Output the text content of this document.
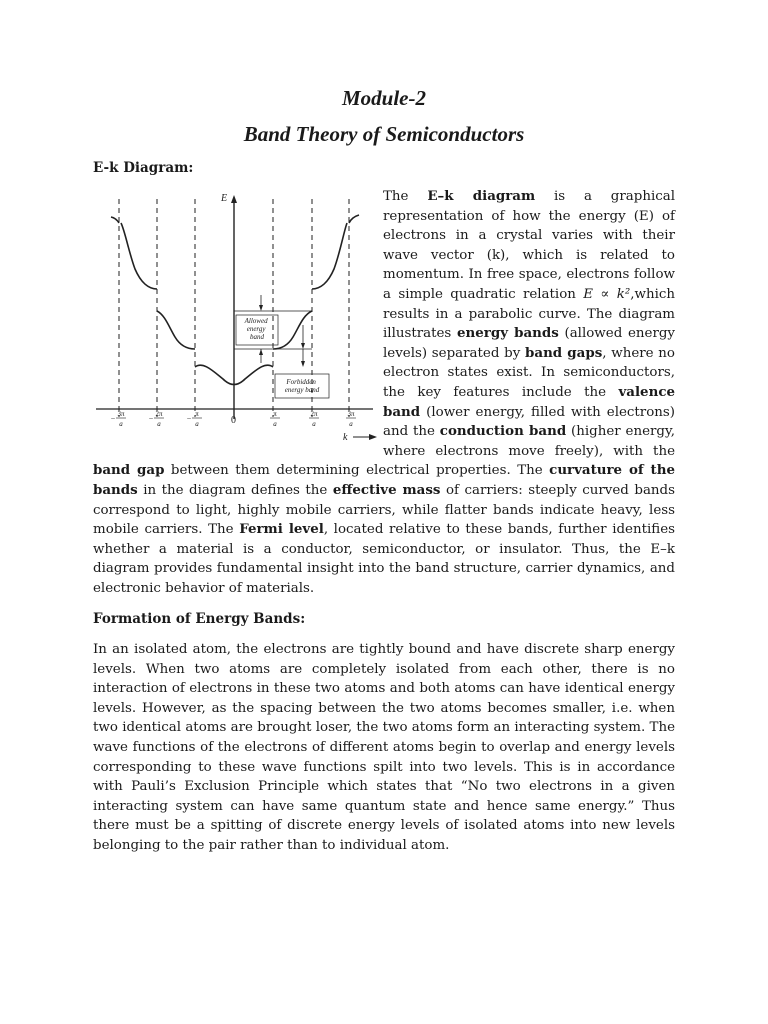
Module-2
Band Theory of Semiconductors
E-k Diagram:
E
k
0
Allowed energy band
Forbidden energy band
3π
a
−	2π
a
−	π
a
−	π
a
2π
a
3π
a

The E–k diagram is a graphical representation of how the energy (E) of electrons in a crystal varies with their wave vector (k), which is related to momentum. In free space, electrons follow a simple quadratic relation E ∝ k²,which results in a parabolic curve. The diagram illustrates energy bands (allowed energy levels) separated by band gaps, where no electron states exist. In semiconductors, the key features include the valence band (lower energy, filled with electrons) and the conduction band (higher energy, where electrons move freely), with the band gap between them determining electrical properties. The curvature of the bands in the diagram defines the effective mass of carriers: steeply curved bands correspond to light, highly mobile carriers, while flatter bands indicate heavy, less mobile carriers. The Fermi level, located relative to these bands, further identifies whether a material is a conductor, semiconductor, or insulator. Thus, the E–k diagram provides fundamental insight into the band structure, carrier dynamics, and electronic behavior of materials.

Formation of Energy Bands:

In an isolated atom, the electrons are tightly bound and have discrete sharp energy levels. When two atoms are completely isolated from each other, there is no interaction of electrons in these two atoms and both atoms can have identical energy levels. However, as the spacing between the two atoms becomes smaller, i.e. when two identical atoms are brought loser, the two atoms form an interacting system. The wave functions of the electrons of different atoms begin to overlap and energy levels corresponding to these wave functions spilt into two levels. This is in accordance with Pauli’s Exclusion Principle which states that “No two electrons in a given interacting system can have same quantum state and hence same energy.” Thus there must be a spitting of discrete energy levels of isolated atoms into new levels belonging to the pair rather than to individual atom.
